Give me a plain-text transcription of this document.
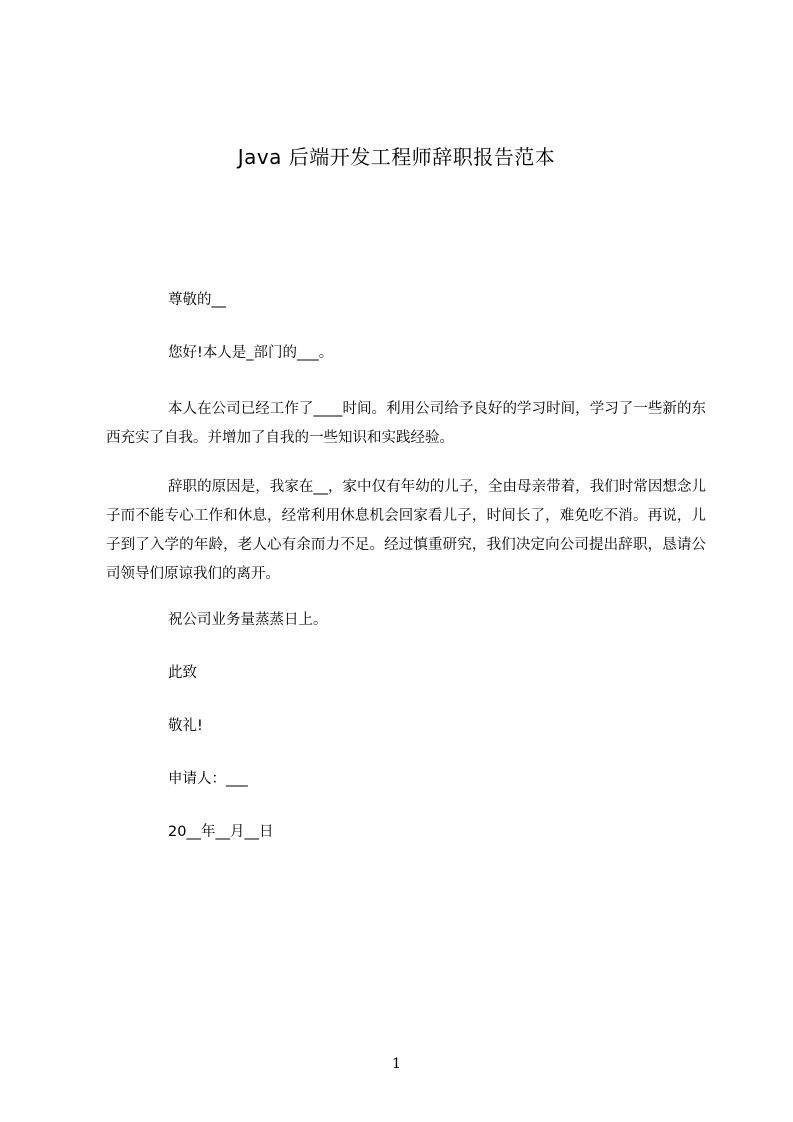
Java 后端开发工程师辞职报告范本
尊敬的__
您好!本人是_部门的___。
本人在公司已经工作了____时间。利用公司给予良好的学习时间，学习了一些新的东西充实了自我。并增加了自我的一些知识和实践经验。
辞职的原因是，我家在__，家中仅有年幼的儿子，全由母亲带着，我们时常因想念儿子而不能专心工作和休息，经常利用休息机会回家看儿子，时间长了，难免吃不消。再说，儿子到了入学的年龄，老人心有余而力不足。经过慎重研究，我们决定向公司提出辞职，恳请公司领导们原谅我们的离开。
祝公司业务量蒸蒸日上。
此致
敬礼!
申请人：___
20__年__月__日
1
